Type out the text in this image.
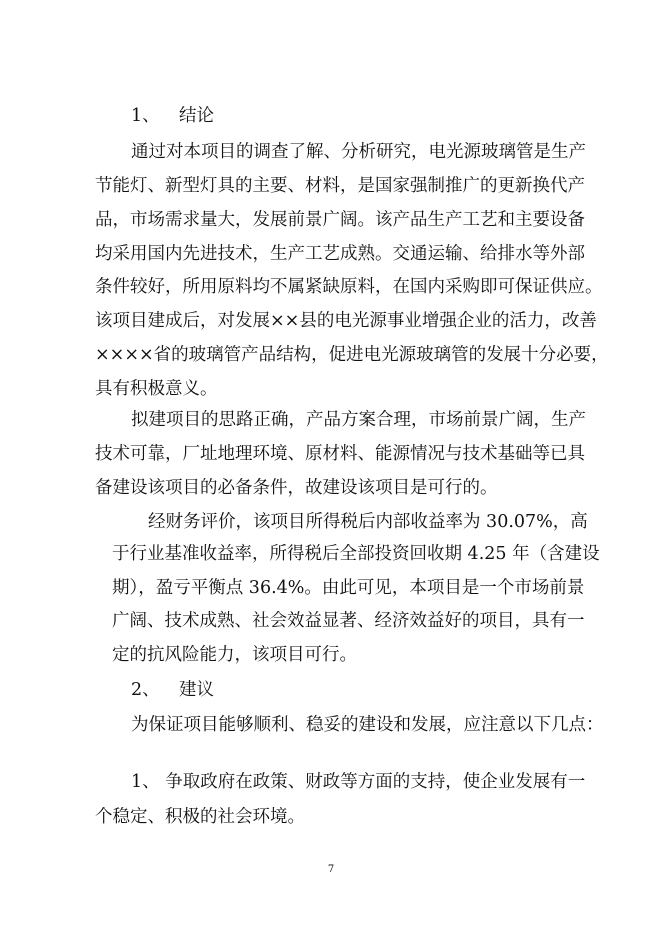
1、 结论
通过对本项目的调查了解、分析研究，电光源玻璃管是生产
节能灯、新型灯具的主要、材料，是国家强制推广的更新换代产
品，市场需求量大，发展前景广阔。该产品生产工艺和主要设备
均采用国内先进技术，生产工艺成熟。交通运输、给排水等外部
条件较好，所用原料均不属紧缺原料，在国内采购即可保证供应。
该项目建成后，对发展××县的电光源事业增强企业的活力，改善
××××省的玻璃管产品结构，促进电光源玻璃管的发展十分必要，
具有积极意义。
拟建项目的思路正确，产品方案合理，市场前景广阔，生产
技术可靠，厂址地理环境、原材料、能源情况与技术基础等已具
备建设该项目的必备条件，故建设该项目是可行的。
经财务评价，该项目所得税后内部收益率为 30.07%，高
于行业基准收益率，所得税后全部投资回收期 4.25 年（含建设
期），盈亏平衡点 36.4%。由此可见，本项目是一个市场前景
广阔、技术成熟、社会效益显著、经济效益好的项目，具有一
定的抗风险能力，该项目可行。
2、 建议
为保证项目能够顺利、稳妥的建设和发展，应注意以下几点：
1、 争取政府在政策、财政等方面的支持，使企业发展有一
个稳定、积极的社会环境。
7
